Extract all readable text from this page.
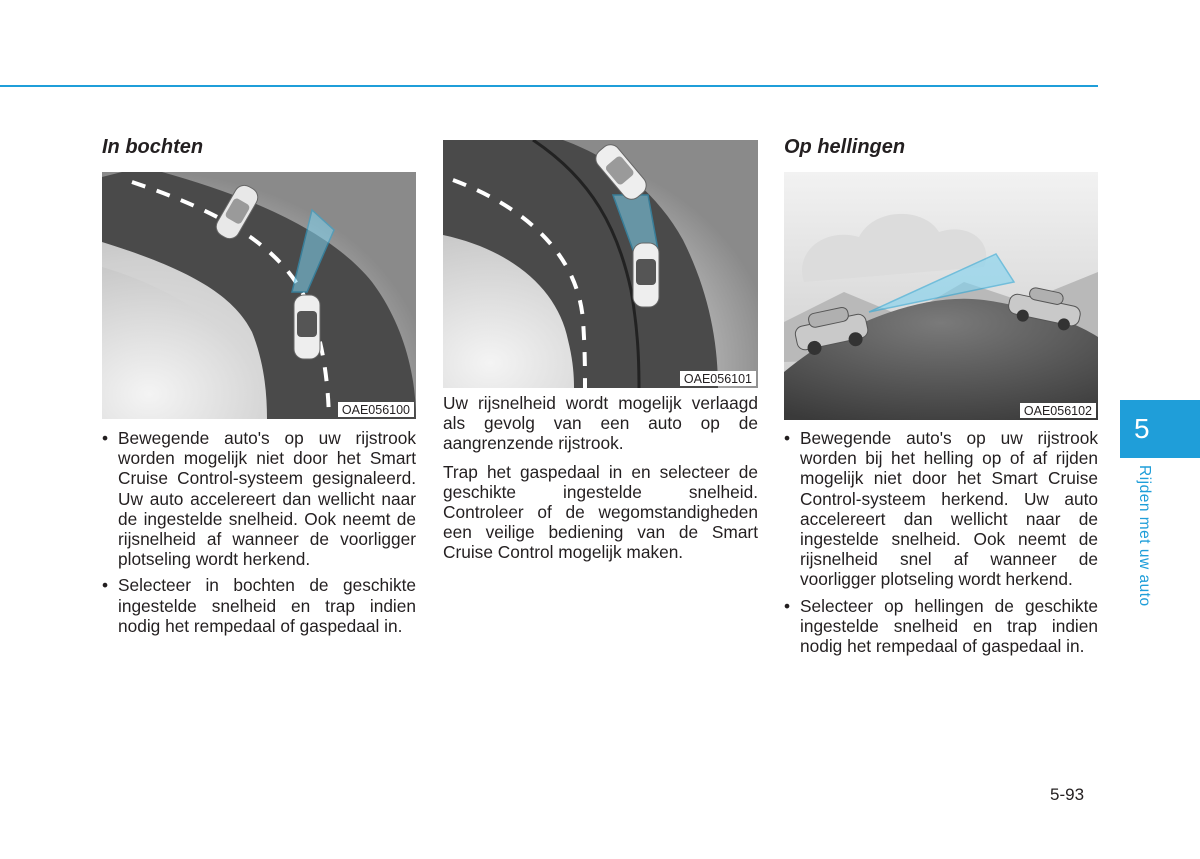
In bochten
OAE056100
• Bewegende auto's op uw rijstrook worden mogelijk niet door het Smart Cruise Control-systeem gesignaleerd. Uw auto accelereert dan wellicht naar de ingestelde snelheid. Ook neemt de rijsnelheid af wanneer de voorligger plotseling wordt herkend.
• Selecteer in bochten de geschikte ingestelde snelheid en trap indien nodig het rempedaal of gaspedaal in.
OAE056101

Uw rijsnelheid wordt mogelijk verlaagd als gevolg van een auto op de aangrenzende rijstrook.

Trap het gaspedaal in en selecteer de geschikte ingestelde snelheid. Controleer of de wegomstandigheden een veilige bediening van de Smart Cruise Control mogelijk maken.

Op hellingen
OAE056102
• Bewegende auto's op uw rijstrook worden bij het helling op of af rijden mogelijk niet door het Smart Cruise Control-systeem herkend. Uw auto accelereert dan wellicht naar de ingestelde snelheid. Ook neemt de rijsnelheid snel af wanneer de voorligger plotseling wordt herkend.
• Selecteer op hellingen de geschikte ingestelde snelheid en trap indien nodig het rempedaal of gaspedaal in.
5
Rijden met uw auto
5-93
